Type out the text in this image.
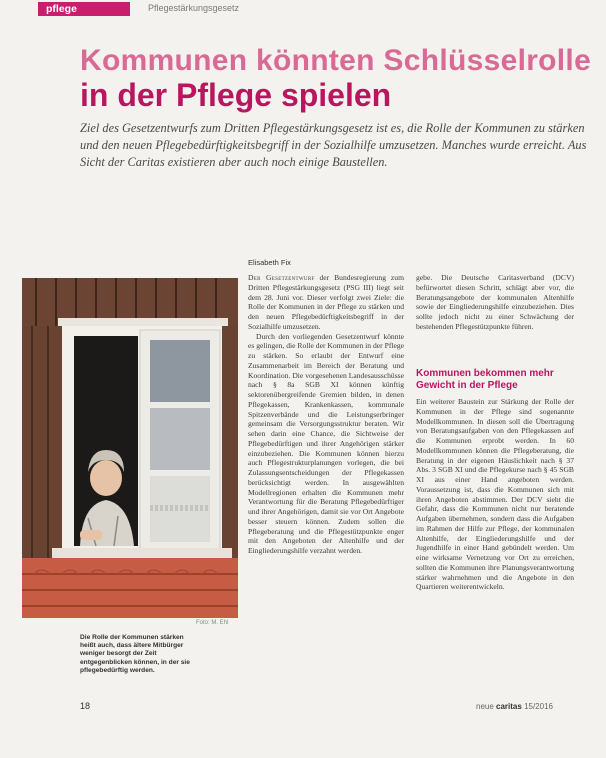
pflege	Pflegestärkungsgesetz
Kommunen könnten Schlüsselrolle
in der Pflege spielen

Ziel des Gesetzentwurfs zum Dritten Pflegestärkungsgesetz ist es, die Rolle der Kommunen zu stärken und den neuen Pflegebedürftigkeitsbegriff in der Sozialhilfe umzusetzen. Manches wurde erreicht. Aus Sicht der Caritas existieren aber auch noch einige Baustellen.

Foto: M. Ehl

Die Rolle der Kommunen stärken heißt auch, dass ältere Mitbürger weniger besorgt der Zeit entgegenblicken können, in der sie pflegebedürftig werden.

Elisabeth Fix

Der Gesetzentwurf der Bundesregierung zum Dritten Pflegestärkungsgesetz (PSG III) liegt seit dem 28. Juni vor. Dieser verfolgt zwei Ziele: die Rolle der Kommunen in der Pflege zu stärken und den neuen Pflegebedürftigkeitsbegriff in der Sozialhilfe umzusetzen.

Durch den vorliegenden Gesetzentwurf könnte es gelingen, die Rolle der Kommunen in der Pflege zu stärken. So erlaubt der Entwurf eine Zusammenarbeit im Bereich der Beratung und Koordination. Die vorgesehenen Landesausschüsse nach § 8a SGB XI können künftig sektorenübergreifende Gremien bilden, in denen Pflegekassen, Krankenkassen, kommunale Spitzenverbände und die Leistungserbringer gemeinsam die Versorgungsstruktur beraten. Wir sehen darin eine Chance, die Sichtweise der Pflegebedürftigen und ihrer Angehörigen stärker einzubeziehen. Die Kommunen können hierzu auch Pflegestrukturplanungen vorlegen, die bei Zulassungsentscheidungen der Pflegekassen berücksichtigt werden. In ausgewählten Modellregionen erhalten die Kommunen mehr Verantwortung für die Beratung Pflegebedürftiger und ihrer Angehörigen, damit sie vor Ort Angebote besser steuern können. Zudem sollen die Pflegeberatung und die Pflegestützpunkte enger mit den Angeboten der Altenhilfe und der Eingliederungshilfe verzahnt werden.

gebe. Die Deutsche Caritasverband (DCV) befürwortet diesen Schritt, schlägt aber vor, die Beratungsangebote der kommunalen Altenhilfe sowie der Eingliederungshilfe einzubeziehen. Dies sollte jedoch nicht zu einer Schwächung der bestehenden Pflegestützpunkte führen.

Kommunen bekommen mehr Gewicht in der Pflege

Ein weiterer Baustein zur Stärkung der Rolle der Kommunen in der Pflege sind sogenannte Modellkommunen. In diesen soll die Übertragung von Beratungsaufgaben von den Pflegekassen auf die Kommunen erprobt werden. In 60 Modellkommunen können die Pflegeberatung, die Beratung in der eigenen Häuslichkeit nach § 37 Abs. 3 SGB XI und die Pflegekurse nach § 45 SGB XI aus einer Hand angeboten werden. Voraussetzung ist, dass die Kommunen sich mit ihren Angeboten abstimmen. Der DCV sieht die Gefahr, dass die Kommunen nicht nur beratende Aufgaben übernehmen, sondern dass die Aufgaben im Rahmen der Hilfe zur Pflege, der kommunalen Altenhilfe, der Eingliederungshilfe und der Jugendhilfe in einer Hand gebündelt werden. Um eine wirksame Vernetzung vor Ort zu erreichen, sollten die Kommunen ihre Planungsverantwortung stärker wahrnehmen und die Angebote in den Quartieren weiterentwickeln.

18	neue caritas 15/2016
